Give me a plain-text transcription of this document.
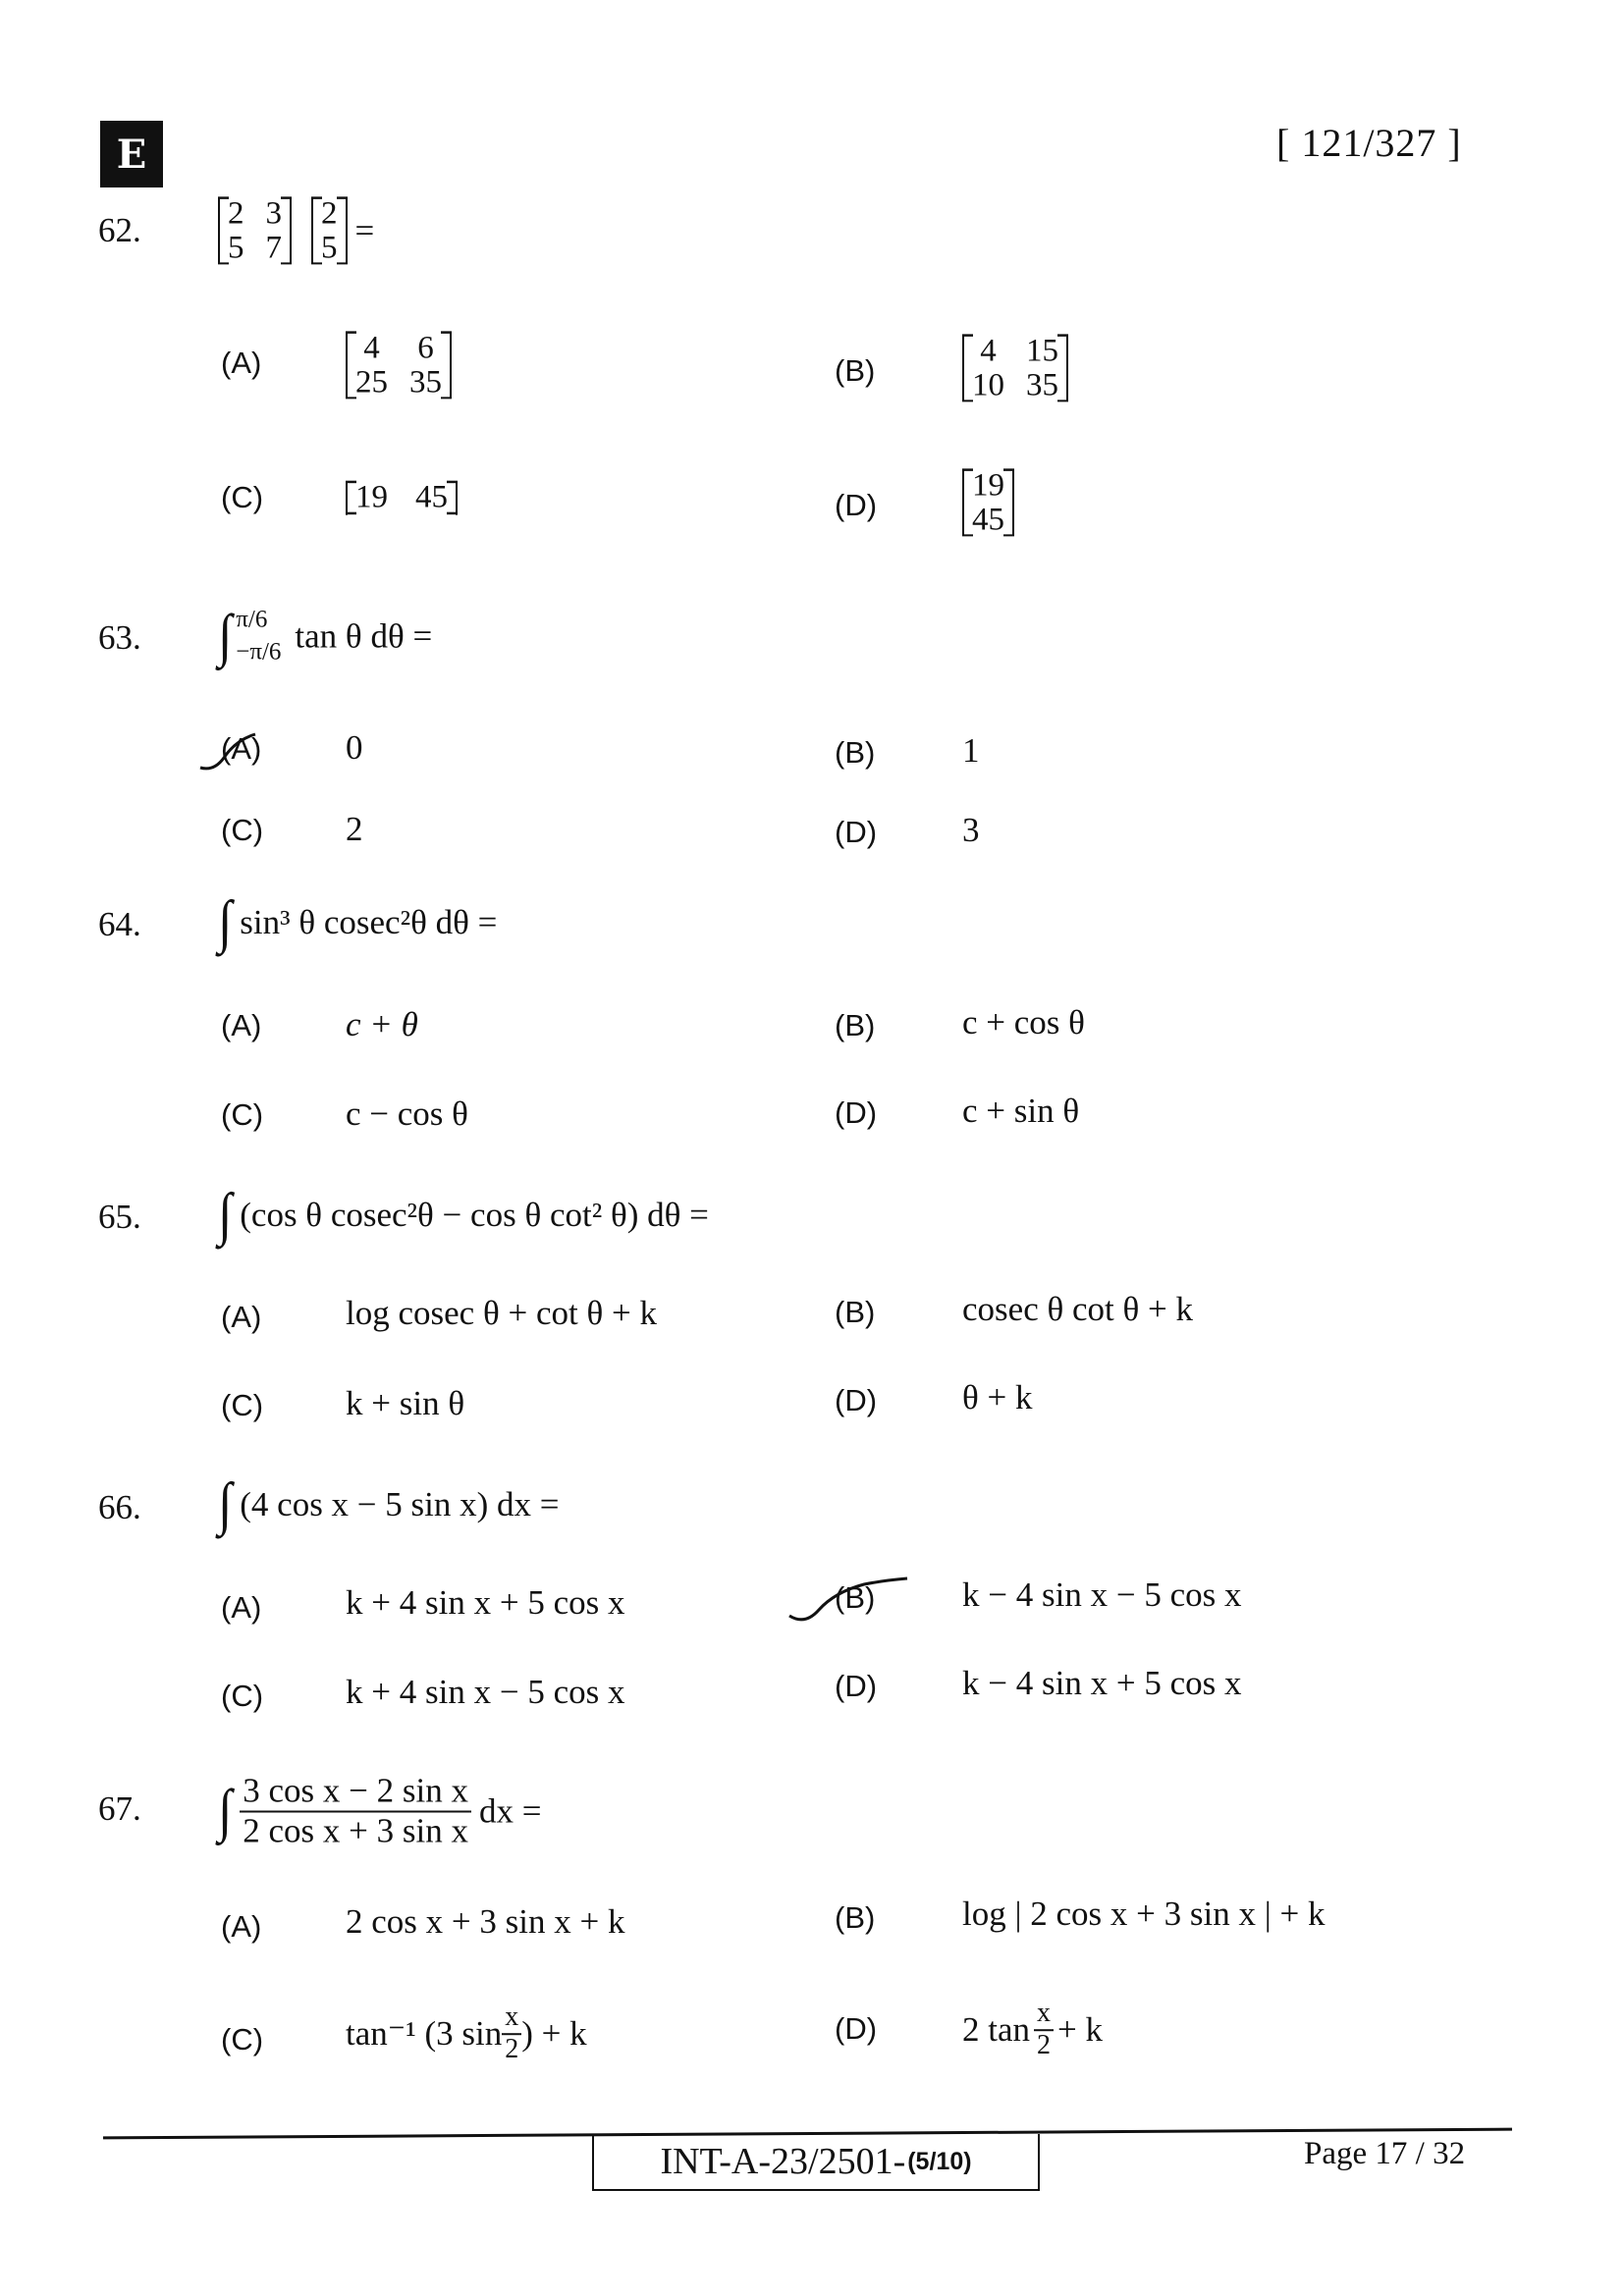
E	[ 121/327 ]
62.	2 3
5 7
2
5 =
(A)	4 6
25 35	(B)
4 15
10 35
(C)	19 45	(D)
19
45
63. ∫ π/6
−π/6 tan θ dθ =
(A) 0	(B)	1
(C) 2	(D) 3
64. ∫ sin³ θ cosec²θ dθ =
(A) c + θ	(B)	c + cos θ
(C) c − cos θ	(D) c + sin θ
65. ∫ (cos θ cosec²θ − cos θ cot² θ) dθ =
(A) log cosec θ + cot θ + k	(B)	cosec θ cot θ + k
(C) k + sin θ	(D) θ + k
66. ∫ (4 cos x − 5 sin x) dx =
(A) k + 4 sin x + 5 cos x	(B)	k − 4 sin x − 5 cos x
(C) k + 4 sin x − 5 cos x	(D) k − 4 sin x + 5 cos x
67. ∫ $\frac{\text{3 cos x − 2 sin x}}{\text{2 cos x + 3 sin x}}$ dx =
(A) 2 cos x + 3 sin x + k	(B)	log | 2 cos x + 3 sin x | + k
(C) tan⁻¹ (3 $\sin \frac{x}{2}$ ) + k	(D) 2 $\tan \frac{x}{2} + k$
INT-A-23/2501- (5/10)	Page 17 / 32
